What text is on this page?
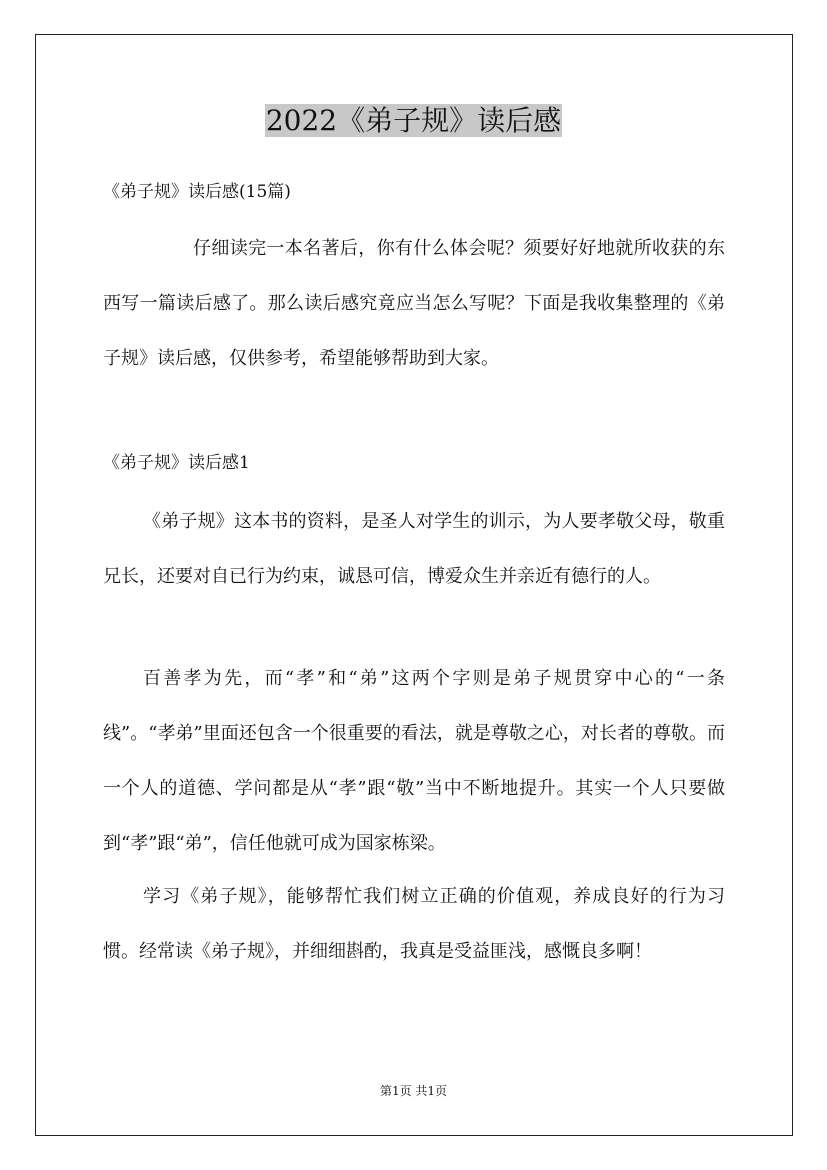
2022《弟子规》读后感
《弟子规》读后感(15篇)
仔细读完一本名著后，你有什么体会呢？须要好好地就所收获的东西写一篇读后感了。那么读后感究竟应当怎么写呢？下面是我收集整理的《弟子规》读后感，仅供参考，希望能够帮助到大家。
《弟子规》读后感1
《弟子规》这本书的资料，是圣人对学生的训示，为人要孝敬父母，敬重兄长，还要对自已行为约束，诚恳可信，博爱众生并亲近有德行的人。
百善孝为先，而“孝”和“弟”这两个字则是弟子规贯穿中心的“一条线”。“孝弟”里面还包含一个很重要的看法，就是尊敬之心，对长者的尊敬。而一个人的道德、学问都是从“孝”跟“敬”当中不断地提升。其实一个人只要做到“孝”跟“弟”，信任他就可成为国家栋梁。
学习《弟子规》，能够帮忙我们树立正确的价值观，养成良好的行为习惯。经常读《弟子规》，并细细斟酌，我真是受益匪浅，感慨良多啊！
第1页 共1页
